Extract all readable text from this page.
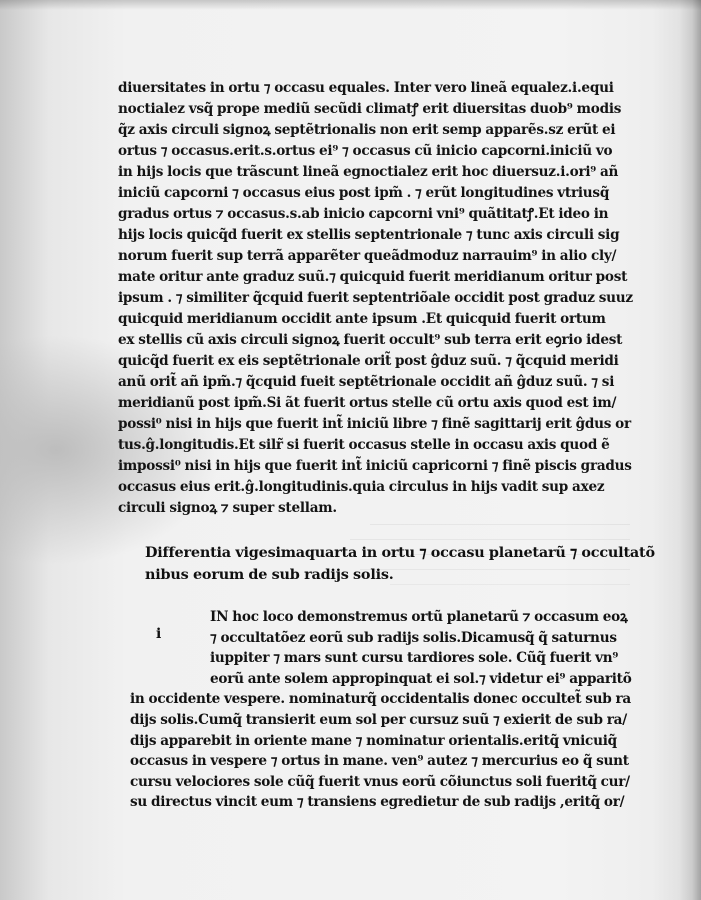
diuersitates in ortu ⁊ occasu equales. Inter vero lineã equalez.i.equi
noctialez vsq̃ prope mediũ secũdi climatꝭ erit diuersitas duob⁹ modis
q̃z axis circuli signoꝝ septẽtrionalis non erit semp apparẽs.sz erũt ei
ortus ⁊ occasus.erit.s.ortus ei⁹ ⁊ occasus cũ inicio capcorni.iniciũ vo
in hijs locis que trãscunt lineã egnoctialez erit hoc diuersuz.i.ori⁹ añ
iniciũ capcorni ⁊ occasus eius post ipm̃ . ⁊ erũt longitudines vtriusq̃
gradus ortus ⁊ occasus.s.ab inicio capcorni vni⁹ quãtitatꝭ.Et ideo in
hijs locis quicq̃d fuerit ex stellis septentrionale ⁊ tunc axis circuli sig
norum fuerit sup terrã apparẽter queãdmoduz narrauim⁹ in alio cly/
mate oritur ante graduz suũ.⁊ quicquid fuerit meridianum oritur post
ipsum . ⁊ similiter q̃cquid fuerit septentriõale occidit post graduz suuz
quicquid meridianum occidit ante ipsum .Et quicquid fuerit ortum
ex stellis cũ axis circuli signoꝝ fuerit occult⁹ sub terra erit eꝯrio idest
quicq̃d fuerit ex eis septẽtrionale orit̃ post ĝduz suũ. ⁊ q̃cquid meridi
anũ orit̃ añ ipm̃.⁊ q̃cquid fueit septẽtrionale occidit añ ĝduz suũ. ⁊ si
meridianũ post ipm̃.Si ãt fuerit ortus stelle cũ ortu axis quod est im/
possi⁰ nisi in hijs que fuerit int̃ iniciũ libre ⁊ finẽ sagittarij erit ĝdus or
tus.ĝ.longitudis.Et silr̃ si fuerit occasus stelle in occasu axis quod ẽ
impossi⁰ nisi in hijs que fuerit int̃ iniciũ capricorni ⁊ finẽ piscis gradus
occasus eius erit.ĝ.longitudinis.quia circulus in hijs vadit sup axez
circuli signoꝝ ⁊ super stellam.
Differentia vigesimaquarta in ortu ⁊ occasu planetarũ ⁊ occultatõ
nibus eorum de sub radijs solis.
i
IN hoc loco demonstremus ortũ planetarũ ⁊ occasum eoꝝ
⁊ occultatõez eorũ sub radijs solis.Dicamusq̃ q̃ saturnus
iuppiter ⁊ mars sunt cursu tardiores sole. Cũq̃ fuerit vn⁹
eorũ ante solem appropinquat ei sol.⁊ videtur ei⁹ apparitõ
in occidente vespere. nominaturq̃ occidentalis donec occultet̃ sub ra
dijs solis.Cumq̃ transierit eum sol per cursuz suũ ⁊ exierit de sub ra/
dijs apparebit in oriente mane ⁊ nominatur orientalis.eritq̃ vnicuiq̃
occasus in vespere ⁊ ortus in mane. ven⁹ autez ⁊ mercurius eo q̃ sunt
cursu velociores sole cũq̃ fuerit vnus eorũ cõiunctus soli fueritq̃ cur/
su directus vincit eum ⁊ transiens egredietur de sub radijs ,eritq̃ or/
